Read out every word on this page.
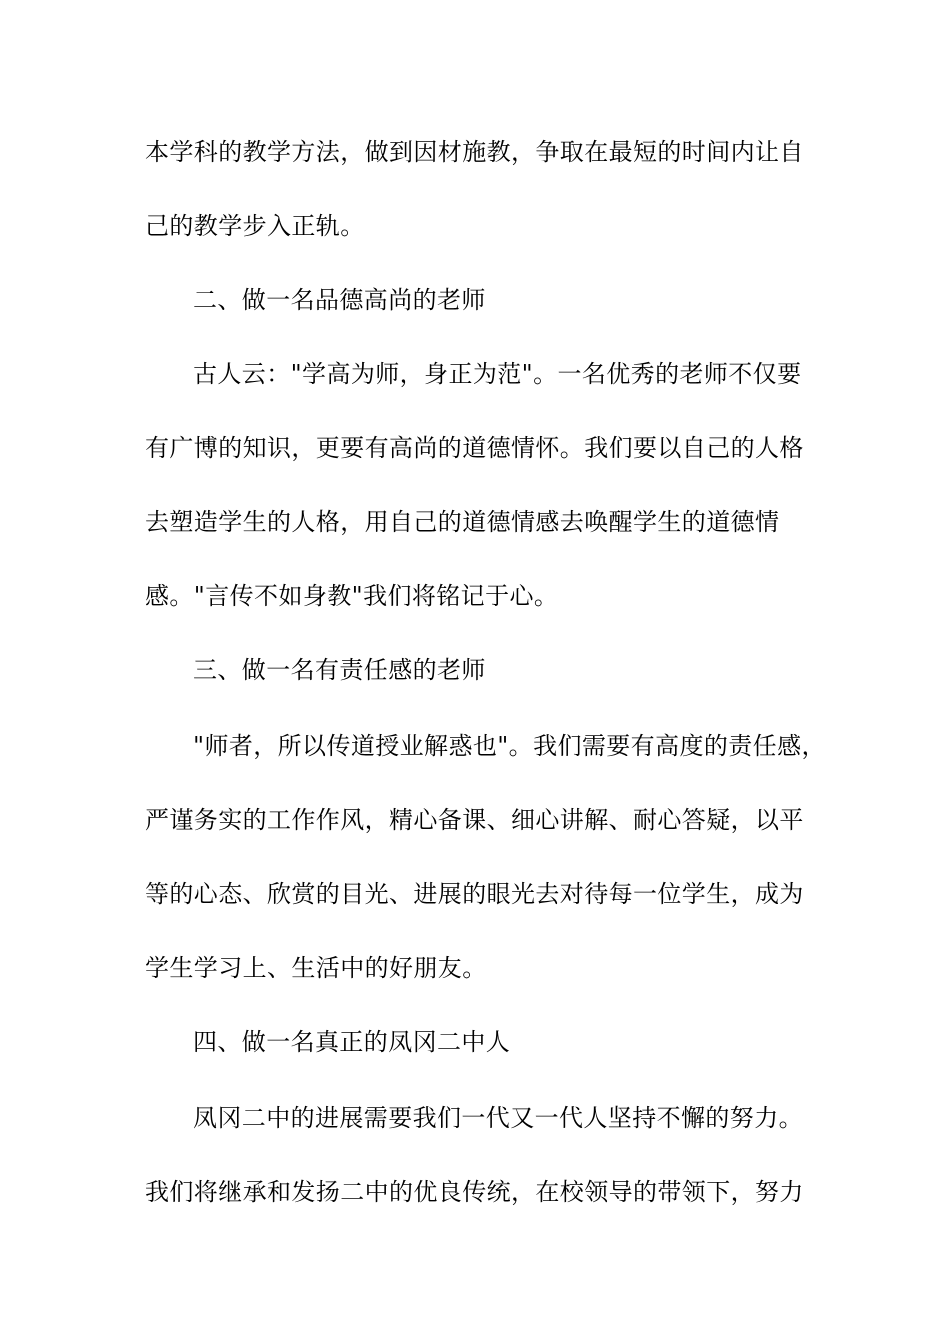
本学科的教学方法，做到因材施教，争取在最短的时间内让自
己的教学步入正轨。
二、做一名品德高尚的老师
古人云："学高为师，身正为范"。一名优秀的老师不仅要
有广博的知识，更要有高尚的道德情怀。我们要以自己的人格
去塑造学生的人格，用自己的道德情感去唤醒学生的道德情
感。"言传不如身教"我们将铭记于心。
三、做一名有责任感的老师
"师者，所以传道授业解惑也"。我们需要有高度的责任感，
严谨务实的工作作风，精心备课、细心讲解、耐心答疑，以平
等的心态、欣赏的目光、进展的眼光去对待每一位学生，成为
学生学习上、生活中的好朋友。
四、做一名真正的凤冈二中人
凤冈二中的进展需要我们一代又一代人坚持不懈的努力。
我们将继承和发扬二中的优良传统，在校领导的带领下，努力
